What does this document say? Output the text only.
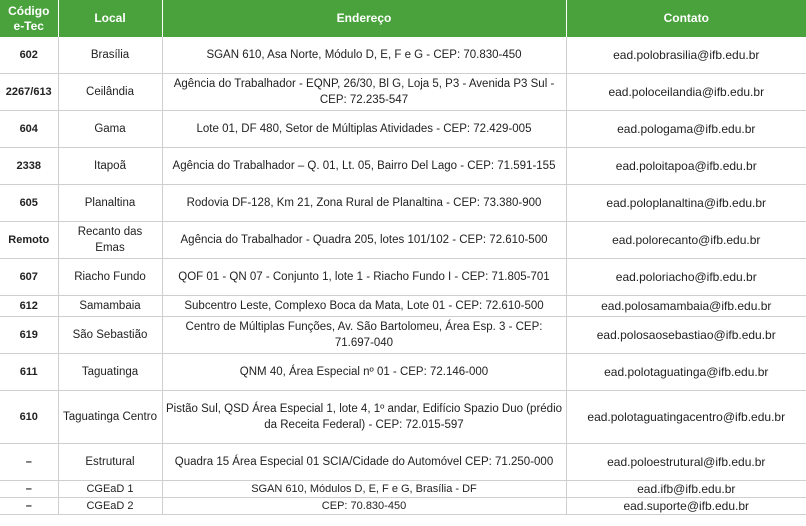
Código e-Tec	Local	Endereço	Contato
602	Brasília	SGAN 610, Asa Norte, Módulo D, E, F e G - CEP: 70.830-450	ead.polobrasilia@ifb.edu.br
2267/613	Ceilândia	Agência do Trabalhador - EQNP, 26/30, Bl G, Loja 5, P3 - Avenida P3 Sul - CEP: 72.235-547	ead.poloceilandia@ifb.edu.br
604	Gama	Lote 01, DF 480, Setor de Múltiplas Atividades - CEP: 72.429-005	ead.pologama@ifb.edu.br
2338	Itapoã	Agência do Trabalhador – Q. 01, Lt. 05, Bairro Del Lago - CEP: 71.591-155	ead.poloitapoa@ifb.edu.br
605	Planaltina	Rodovia DF-128, Km 21, Zona Rural de Planaltina - CEP: 73.380-900	ead.poloplanaltina@ifb.edu.br
Remoto	Recanto das Emas	Agência do Trabalhador - Quadra 205, lotes 101/102 - CEP: 72.610-500	ead.polorecanto@ifb.edu.br
607	Riacho Fundo	QOF 01 - QN 07 - Conjunto 1, lote 1 - Riacho Fundo I - CEP: 71.805-701	ead.poloriacho@ifb.edu.br
612	Samambaia	Subcentro Leste, Complexo Boca da Mata, Lote 01 - CEP: 72.610-500	ead.polosamambaia@ifb.edu.br
619	São Sebastião	Centro de Múltiplas Funções, Av. São Bartolomeu, Área Esp. 3 - CEP: 71.697-040	ead.polosaosebastiao@ifb.edu.br
611	Taguatinga	QNM 40, Área Especial nº 01 - CEP: 72.146-000	ead.polotaguatinga@ifb.edu.br
610	Taguatinga Centro	Pistão Sul, QSD Área Especial 1, lote 4, 1º andar, Edifício Spazio Duo (prédio da Receita Federal) - CEP: 72.015-597	ead.polotaguatingacentro@ifb.edu.br
–	Estrutural	Quadra 15 Área Especial 01 SCIA/Cidade do Automóvel CEP: 71.250-000	ead.poloestrutural@ifb.edu.br
–	CGEaD 1	SGAN 610, Módulos D, E, F e G, Brasília - DF	ead.ifb@ifb.edu.br
–	CGEaD 2	CEP: 70.830-450	ead.suporte@ifb.edu.br
